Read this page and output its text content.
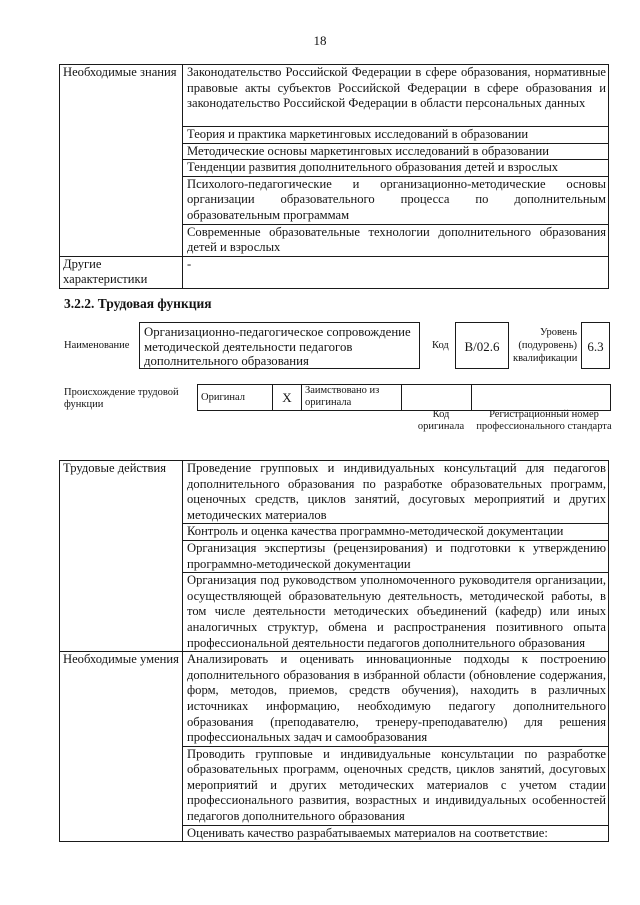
18
Необходимые знания	Законодательство Российской Федерации в сфере образования, нормативные правовые акты субъектов Российской Федерации в сфере образования и законодательство Российской Федерации в области персональных данных
	Теория и практика маркетинговых исследований в образовании
	Методические основы маркетинговых исследований в образовании
	Тенденции развития дополнительного образования детей и взрослых
	Психолого-педагогические и организационно-методические основы организации образовательного процесса по дополнительным образовательным программам
	Современные образовательные технологии дополнительного образования детей и взрослых
Другие характеристики	-
3.2.2. Трудовая функция
Наименование
Организационно-педагогическое сопровождение методической деятельности педагогов дополнительного образования
Код	B/02.6
Уровень (подуровень) квалификации
6.3
Происхождение трудовой функции
Оригинал	X	Заимствовано из оригинала		
Код оригинала
Регистрационный номер профессионального стандарта
Трудовые действия	Проведение групповых и индивидуальных консультаций для педагогов дополнительного образования по разработке образовательных программ, оценочных средств, циклов занятий, досуговых мероприятий и других методических материалов
	Контроль и оценка качества программно-методической документации
	Организация экспертизы (рецензирования) и подготовки к утверждению программно-методической документации
	Организация под руководством уполномоченного руководителя организации, осуществляющей образовательную деятельность, методической работы, в том числе деятельности методических объединений (кафедр) или иных аналогичных структур, обмена и распространения позитивного опыта профессиональной деятельности педагогов дополнительного образования
Необходимые умения	Анализировать и оценивать инновационные подходы к построению дополнительного образования в избранной области (обновление содержания, форм, методов, приемов, средств обучения), находить в различных источниках информацию, необходимую педагогу дополнительного образования (преподавателю, тренеру-преподавателю) для решения профессиональных задач и самообразования
	Проводить групповые и индивидуальные консультации по разработке образовательных программ, оценочных средств, циклов занятий, досуговых мероприятий и других методических материалов с учетом стадии профессионального развития, возрастных и индивидуальных особенностей педагогов дополнительного образования
	Оценивать качество разрабатываемых материалов на соответствие:
